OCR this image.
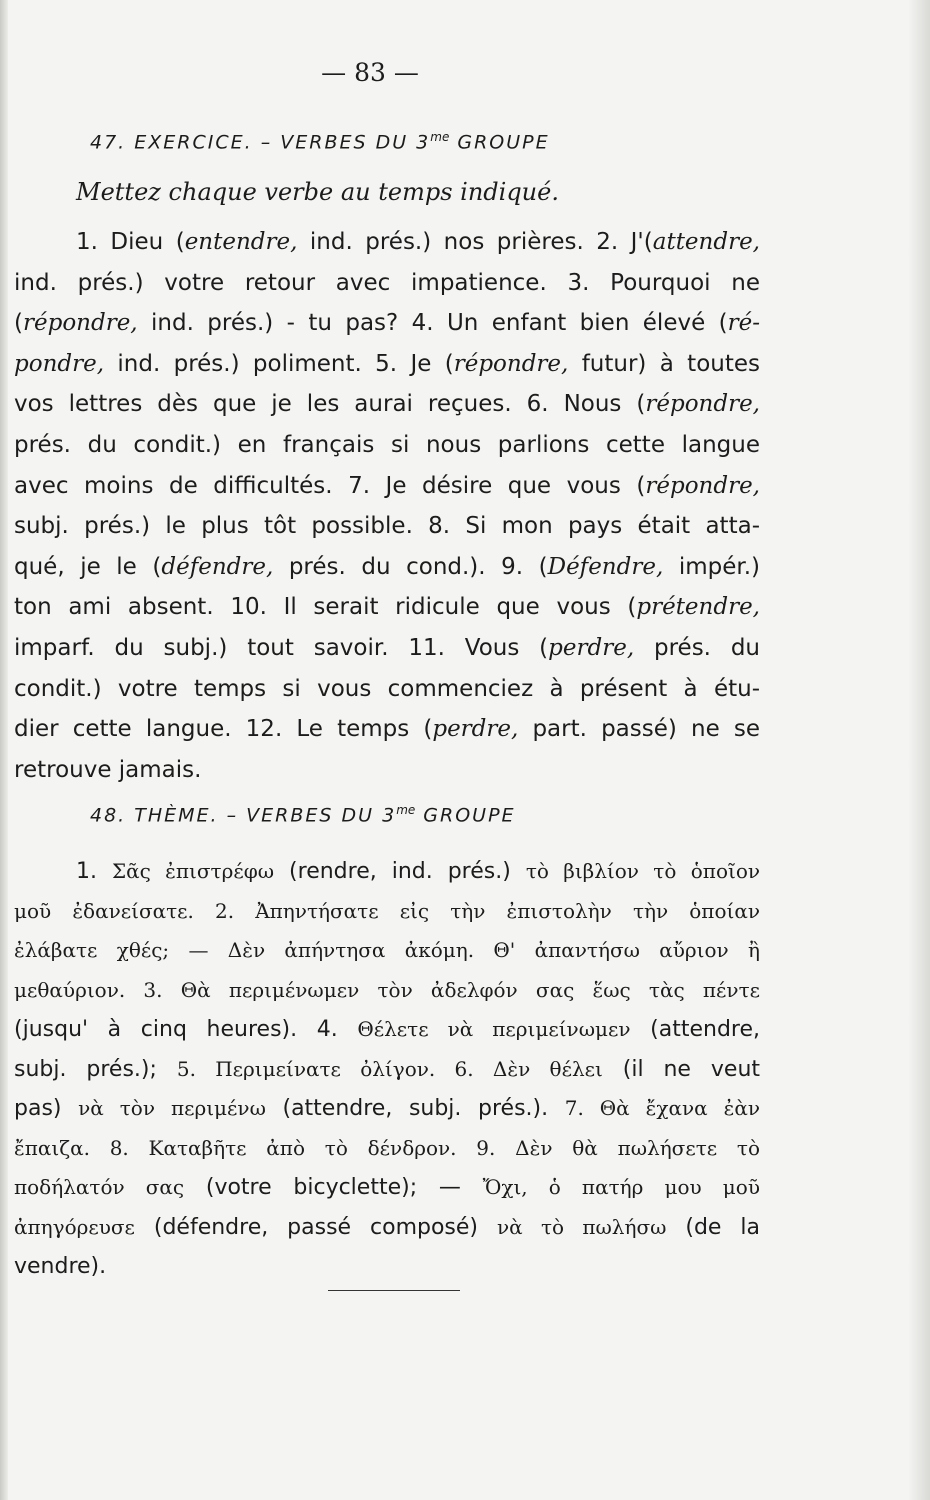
— 83 —
47. EXERCICE. – VERBES DU $3^{me}$ GROUPE
Mettez chaque verbe au temps indiqué.
1. Dieu (entendre, ind. prés.) nos prières. 2. J'(attendre,
ind. prés.) votre retour avec impatience. 3. Pourquoi ne
(répondre, ind. prés.) - tu pas? 4. Un enfant bien élevé (ré-
pondre, ind. prés.) poliment. 5. Je (répondre, futur) à toutes
vos lettres dès que je les aurai reçues. 6. Nous (répondre,
prés. du condit.) en français si nous parlions cette langue
avec moins de difficultés. 7. Je désire que vous (répondre,
subj. prés.) le plus tôt possible. 8. Si mon pays était atta-
qué, je le (défendre, prés. du cond.). 9. (Défendre, impér.)
ton ami absent. 10. Il serait ridicule que vous (prétendre,
imparf. du subj.) tout savoir. 11. Vous (perdre, prés. du
condit.) votre temps si vous commenciez à présent à étu-
dier cette langue. 12. Le temps (perdre, part. passé) ne se
retrouve jamais.
48. THÈME. – VERBES DU $3^{me}$ GROUPE
1. Σᾶς ἐπιστρέφω (rendre, ind. prés.) τὸ βιβλίον τὸ ὁποῖον
μοῦ ἐδανείσατε. 2. Ἀπηντήσατε εἰς τὴν ἐπιστολὴν τὴν ὁποίαν
ἐλάβατε χθές; — Δὲν ἀπήντησα ἀκόμη. Θ' ἀπαντήσω αὔριον ἢ
μεθαύριον. 3. Θὰ περιμένωμεν τὸν ἀδελφόν σας ἕως τὰς πέντε
(jusqu' à cinq heures). 4. Θέλετε νὰ περιμείνωμεν (attendre,
subj. prés.); 5. Περιμείνατε ὀλίγον. 6. Δὲν θέλει (il ne veut
pas) νὰ τὸν περιμένω (attendre, subj. prés.). 7. Θὰ ἔχανα ἐὰν
ἔπαιζα. 8. Καταβῆτε ἀπὸ τὸ δένδρον. 9. Δὲν θὰ πωλήσετε τὸ
ποδήλατόν σας (votre bicyclette); — Ὄχι, ὁ πατήρ μου μοῦ
ἀπηγόρευσε (défendre, passé composé) νὰ τὸ πωλήσω (de la
vendre).
